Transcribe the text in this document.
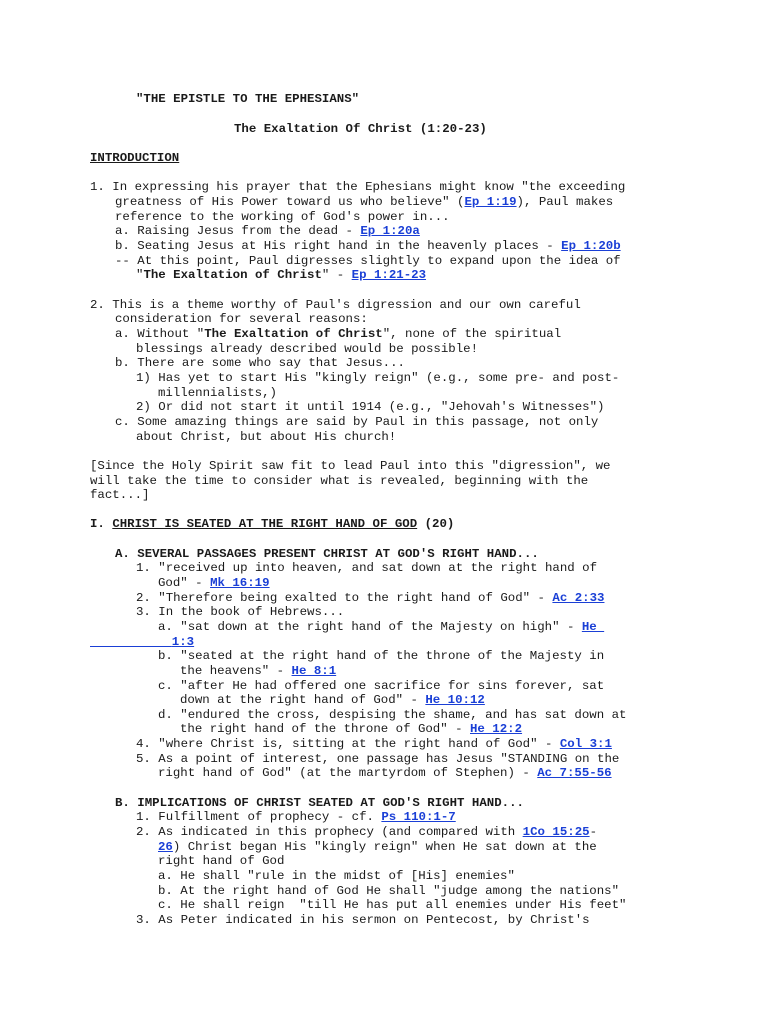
"THE EPISTLE TO THE EPHESIANS"
The Exaltation Of Christ (1:20-23)
INTRODUCTION
1. In expressing his prayer that the Ephesians might know "the exceeding
greatness of His Power toward us who believe" (Ep 1:19), Paul makes
reference to the working of God's power in...
a. Raising Jesus from the dead - Ep 1:20a
b. Seating Jesus at His right hand in the heavenly places - Ep 1:20b
-- At this point, Paul digresses slightly to expand upon the idea of
"The Exaltation of Christ" - Ep 1:21-23
2. This is a theme worthy of Paul's digression and our own careful
consideration for several reasons:
a. Without "The Exaltation of Christ", none of the spiritual
blessings already described would be possible!
b. There are some who say that Jesus...
1) Has yet to start His "kingly reign" (e.g., some pre- and post-
millennialists,)
2) Or did not start it until 1914 (e.g., "Jehovah's Witnesses")
c. Some amazing things are said by Paul in this passage, not only
about Christ, but about His church!
[Since the Holy Spirit saw fit to lead Paul into this "digression", we
will take the time to consider what is revealed, beginning with the
fact...]
I. CHRIST IS SEATED AT THE RIGHT HAND OF GOD (20)
A. SEVERAL PASSAGES PRESENT CHRIST AT GOD'S RIGHT HAND...
1. "received up into heaven, and sat down at the right hand of
God" - Mk 16:19
2. "Therefore being exalted to the right hand of God" - Ac 2:33
3. In the book of Hebrews...
a. "sat down at the right hand of the Majesty on high" - He
1:3
b. "seated at the right hand of the throne of the Majesty in
the heavens" - He 8:1
c. "after He had offered one sacrifice for sins forever, sat
down at the right hand of God" - He 10:12
d. "endured the cross, despising the shame, and has sat down at
the right hand of the throne of God" - He 12:2
4. "where Christ is, sitting at the right hand of God" - Col 3:1
5. As a point of interest, one passage has Jesus "STANDING on the
right hand of God" (at the martyrdom of Stephen) - Ac 7:55-56
B. IMPLICATIONS OF CHRIST SEATED AT GOD'S RIGHT HAND...
1. Fulfillment of prophecy - cf. Ps 110:1-7
2. As indicated in this prophecy (and compared with 1Co 15:25-
26) Christ began His "kingly reign" when He sat down at the
right hand of God
a. He shall "rule in the midst of [His] enemies"
b. At the right hand of God He shall "judge among the nations"
c. He shall reign  "till He has put all enemies under His feet"
3. As Peter indicated in his sermon on Pentecost, by Christ's
